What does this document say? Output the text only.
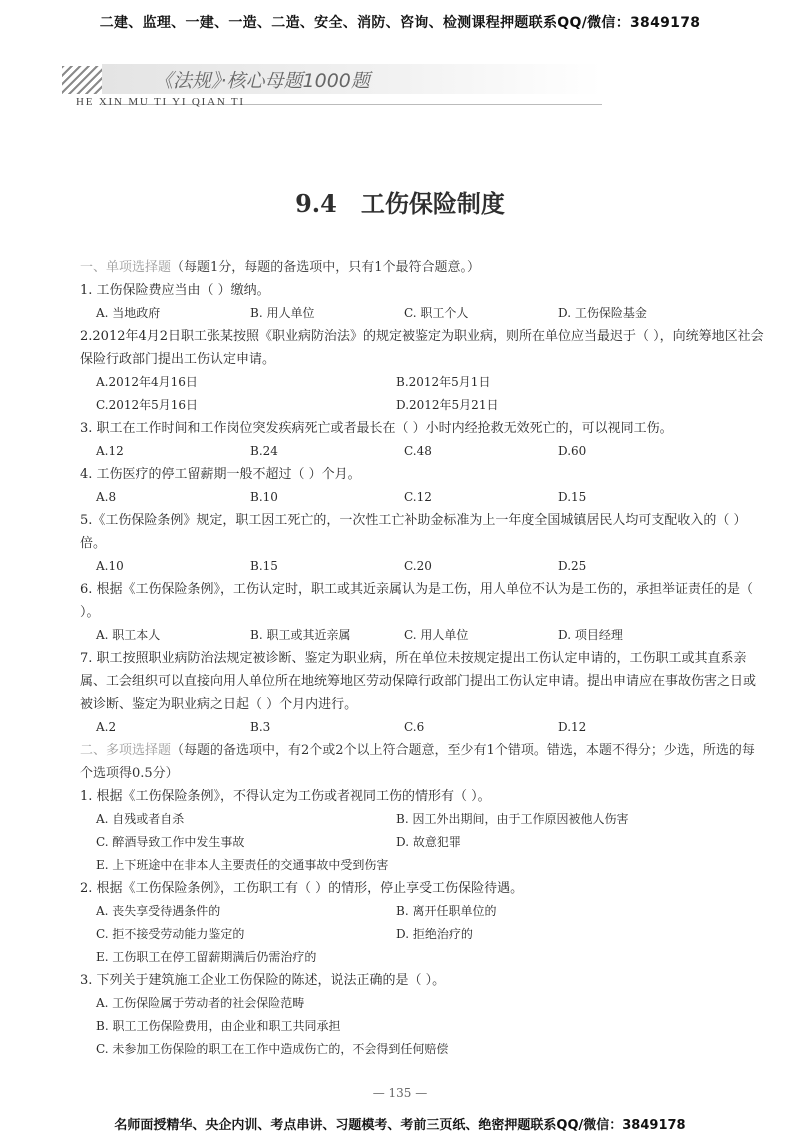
二建、监理、一建、一造、二造、安全、消防、咨询、检测课程押题联系QQ/微信：3849178
《法规》·核心母题1000题
HE XIN MU TI YI QIAN TI
9.4　工伤保险制度
一、单项选择题（每题1分，每题的备选项中，只有1个最符合题意。）
1. 工伤保险费应当由（ ）缴纳。
A. 当地政府	B. 用人单位	C. 职工个人	D. 工伤保险基金
2.2012年4月2日职工张某按照《职业病防治法》的规定被鉴定为职业病，则所在单位应当最迟于（ ），向统筹地区社会保险行政部门提出工伤认定申请。
A.2012年4月16日	B.2012年5月1日
C.2012年5月16日	D.2012年5月21日
3. 职工在工作时间和工作岗位突发疾病死亡或者最长在（ ）小时内经抢救无效死亡的，可以视同工伤。
A.12	B.24	C.48	D.60
4. 工伤医疗的停工留薪期一般不超过（ ）个月。
A.8	B.10	C.12	D.15
5.《工伤保险条例》规定，职工因工死亡的，一次性工亡补助金标准为上一年度全国城镇居民人均可支配收入的（ ）倍。
A.10	B.15	C.20	D.25
6. 根据《工伤保险条例》，工伤认定时，职工或其近亲属认为是工伤，用人单位不认为是工伤的，承担举证责任的是（ ）。
A. 职工本人	B. 职工或其近亲属	C. 用人单位	D. 项目经理
7. 职工按照职业病防治法规定被诊断、鉴定为职业病，所在单位未按规定提出工伤认定申请的，工伤职工或其直系亲属、工会组织可以直接向用人单位所在地统筹地区劳动保障行政部门提出工伤认定申请。提出申请应在事故伤害之日或被诊断、鉴定为职业病之日起（ ）个月内进行。
A.2	B.3	C.6	D.12
二、多项选择题（每题的备选项中，有2个或2个以上符合题意，至少有1个错项。错选，本题不得分；少选，所选的每个选项得0.5分）
1. 根据《工伤保险条例》，不得认定为工伤或者视同工伤的情形有（ ）。
A. 自残或者自杀	B. 因工外出期间，由于工作原因被他人伤害
C. 醉酒导致工作中发生事故	D. 故意犯罪
E. 上下班途中在非本人主要责任的交通事故中受到伤害
2. 根据《工伤保险条例》，工伤职工有（ ）的情形，停止享受工伤保险待遇。
A. 丧失享受待遇条件的	B. 离开任职单位的
C. 拒不接受劳动能力鉴定的	D. 拒绝治疗的
E. 工伤职工在停工留薪期满后仍需治疗的
3. 下列关于建筑施工企业工伤保险的陈述，说法正确的是（ ）。
A. 工伤保险属于劳动者的社会保险范畴
B. 职工工伤保险费用，由企业和职工共同承担
C. 未参加工伤保险的职工在工作中造成伤亡的，不会得到任何赔偿
— 135 —
名师面授精华、央企内训、考点串讲、习题模考、考前三页纸、绝密押题联系QQ/微信：3849178
